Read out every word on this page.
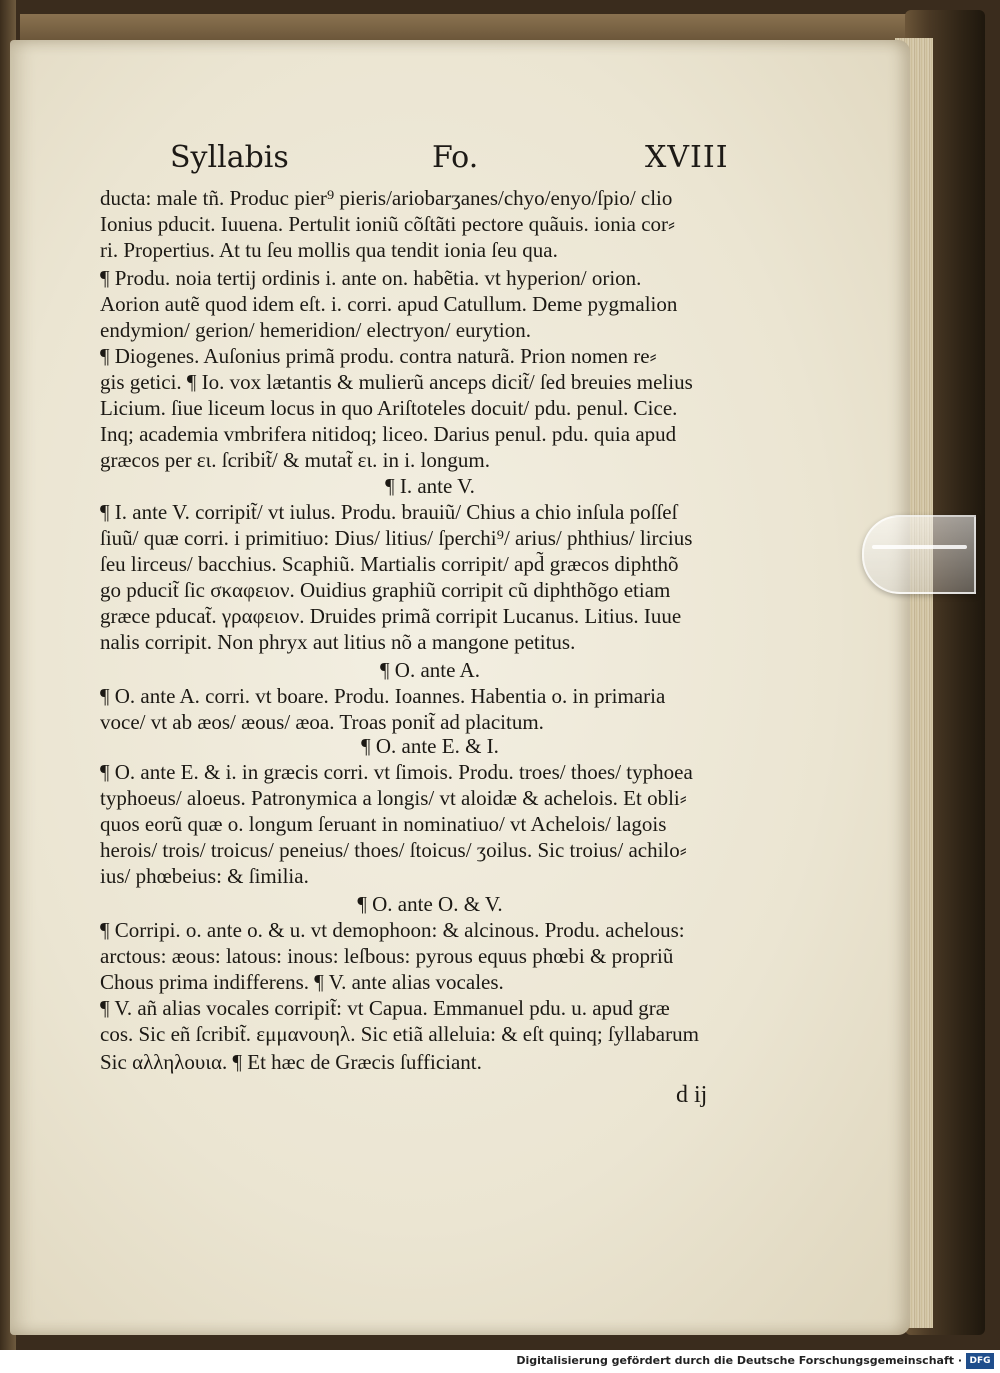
Syllabis	Fo.	XVIII
ducta: male tñ. Produc pier⁹ pieris/ariobarʒanes/chyo/enyo/ſpio/ clio
Ionius pducit. Iuuena. Pertulit ioniũ cõſtãti pectore quãuis. ionia cor⸗
ri. Propertius. At tu ſeu mollis qua tendit ionia ſeu qua.
¶ Produ. noia tertij ordinis i. ante on. habẽtia. vt hyperion/ orion.
Aorion autẽ quod idem eſt. i. corri. apud Catullum. Deme pygmalion
endymion/ gerion/ hemeridion/ electryon/ eurytion.
¶ Diogenes. Auſonius primã produ. contra naturã. Prion nomen re⸗
gis getici. ¶ Io. vox lætantis & mulierũ anceps dicit̃/ ſed breuies melius
Licium. ſiue liceum locus in quo Ariſtoteles docuit/ pdu. penul. Cice.
Inq; academia vmbrifera nitidoq; liceo. Darius penul. pdu. quia apud
græcos per ει. ſcribit̃/ & mutat̃ ει. in i. longum.
¶ I. ante V.
¶ I. ante V. corripit̃/ vt iulus. Produ. brauiũ/ Chius a chio inſula poſſeſ
ſiuũ/ quæ corri. i primitiuo: Dius/ litius/ ſperchi⁹/ arius/ phthius/ lircius
ſeu lirceus/ bacchius. Scaphiũ. Martialis corripit/ apd̃ græcos diphthõ
go pducit̃ ſic σκαφειον. Ouidius graphiũ corripit cũ diphthõgo etiam
græce pducat̃. γραφειον. Druides primã corripit Lucanus. Litius. Iuue
nalis corripit. Non phryx aut litius nõ a mangone petitus.
¶ O. ante A.
¶ O. ante A. corri. vt boare. Produ. Ioannes. Habentia o. in primaria
voce/ vt ab æos/ æous/ æoa. Troas ponit̃ ad placitum.
¶ O. ante E. & I.
¶ O. ante E. & i. in græcis corri. vt ſimois. Produ. troes/ thoes/ typhoea
typhoeus/ aloeus. Patronymica a longis/ vt aloidæ & achelois. Et obli⸗
quos eorũ quæ o. longum ſeruant in nominatiuo/ vt Achelois/ lagois
herois/ trois/ troicus/ peneius/ thoes/ ſtoicus/ ʒoilus. Sic troius/ achilo⸗
ius/ phœbeius: & ſimilia.
¶ O. ante O. & V.
¶ Corripi. o. ante o. & u. vt demophoon: & alcinous. Produ. achelous:
arctous: æous: latous: inous: leſbous: pyrous equus phœbi & propriũ
Chous prima indifferens. ¶ V. ante alias vocales.
¶ V. añ alias vocales corripit̃: vt Capua. Emmanuel pdu. u. apud græ
cos. Sic eñ ſcribit̃. εμμανουηλ. Sic etiã alleluia: & eſt quinq; ſyllabarum
Sic αλληλουια. ¶ Et hæc de Græcis ſufficiant.
d ij
Digitalisierung gefördert durch die Deutsche Forschungsgemeinschaft · DFG
